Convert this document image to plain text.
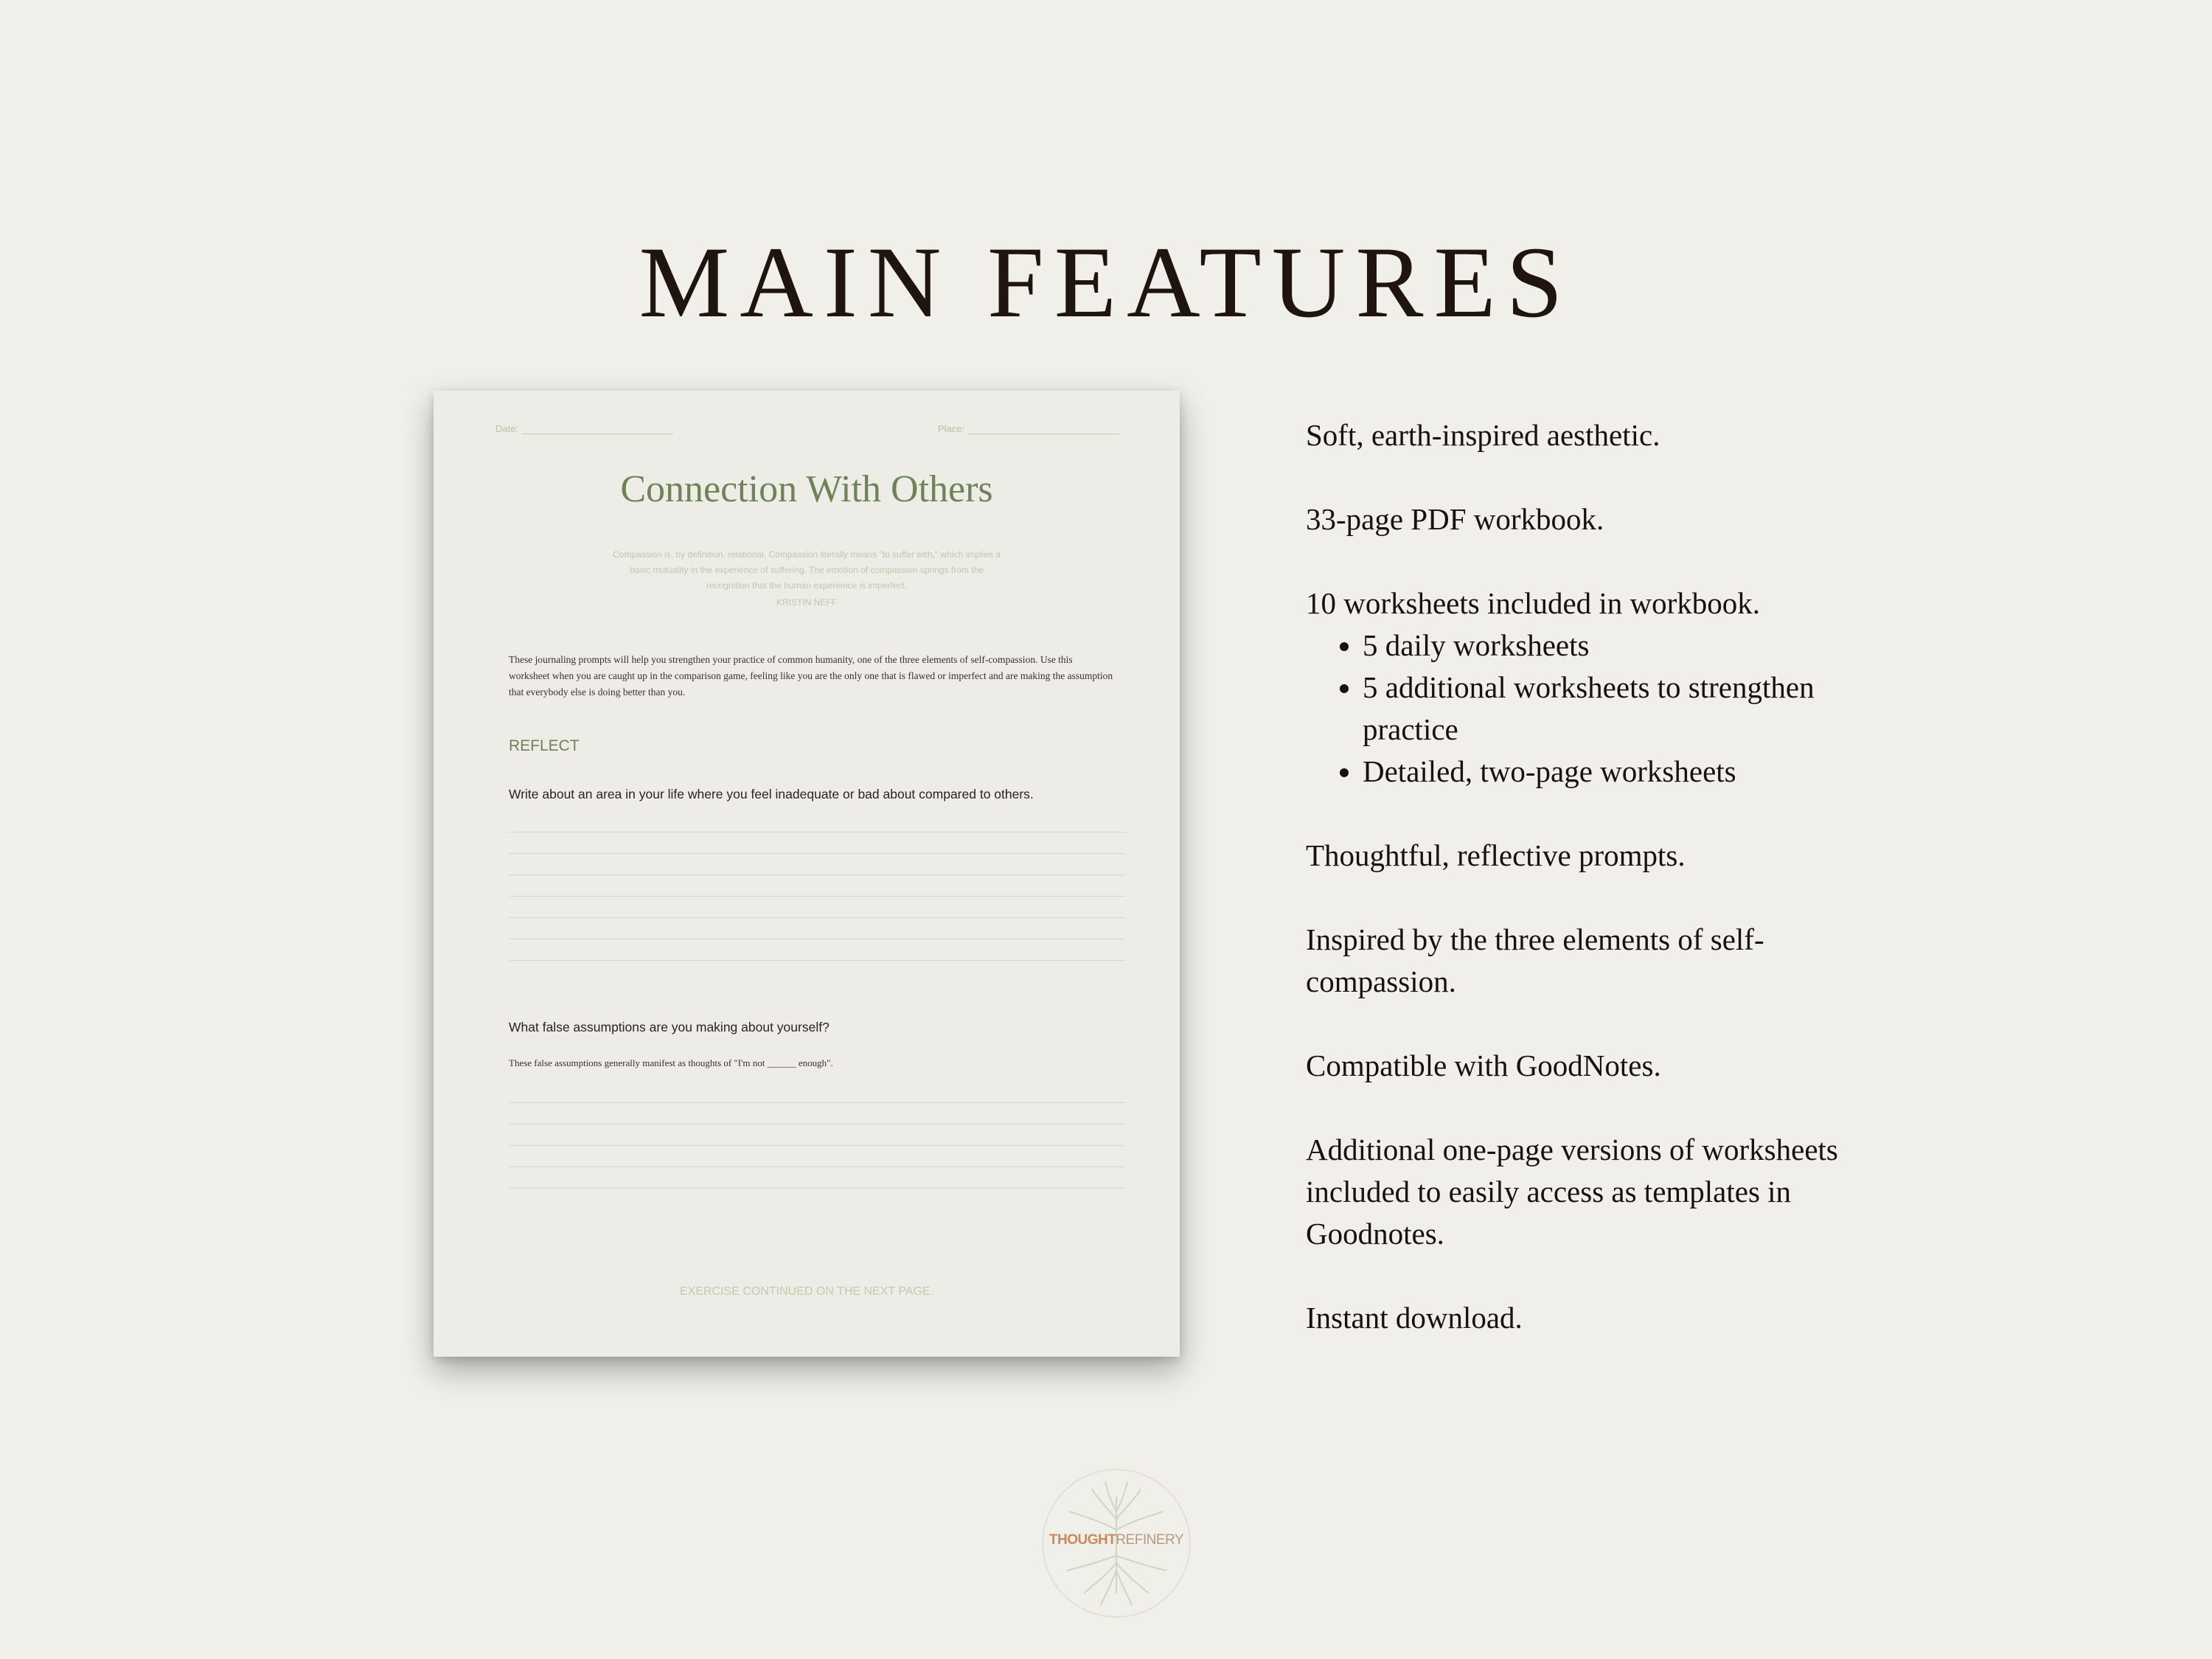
MAIN FEATURES
Date:	Place:
Connection With Others
Compassion is, by definition, relational. Compassion literally means "to suffer with," which implies a basic mutuality in the experience of suffering. The emotion of compassion springs from the recognition that the human experience is imperfect.
KRISTIN NEFF
These journaling prompts will help you strengthen your practice of common humanity, one of the three elements of self-compassion. Use this worksheet when you are caught up in the comparison game, feeling like you are the only one that is flawed or imperfect and are making the assumption that everybody else is doing better than you.
REFLECT
Write about an area in your life where you feel inadequate or bad about compared to others.
What false assumptions are you making about yourself?
These false assumptions generally manifest as thoughts of "I'm not ______ enough".
EXERCISE CONTINUED ON THE NEXT PAGE.

Soft, earth-inspired aesthetic.

33-page PDF workbook.

10 worksheets included in workbook.

• 5 daily worksheets
• 5 additional worksheets to strengthen practice
• Detailed, two-page worksheets

Thoughtful, reflective prompts.

Inspired by the three elements of self-compassion.

Compatible with GoodNotes.

Additional one-page versions of worksheets included to easily access as templates in Goodnotes.

Instant download.

THOUGHTREFINERY
